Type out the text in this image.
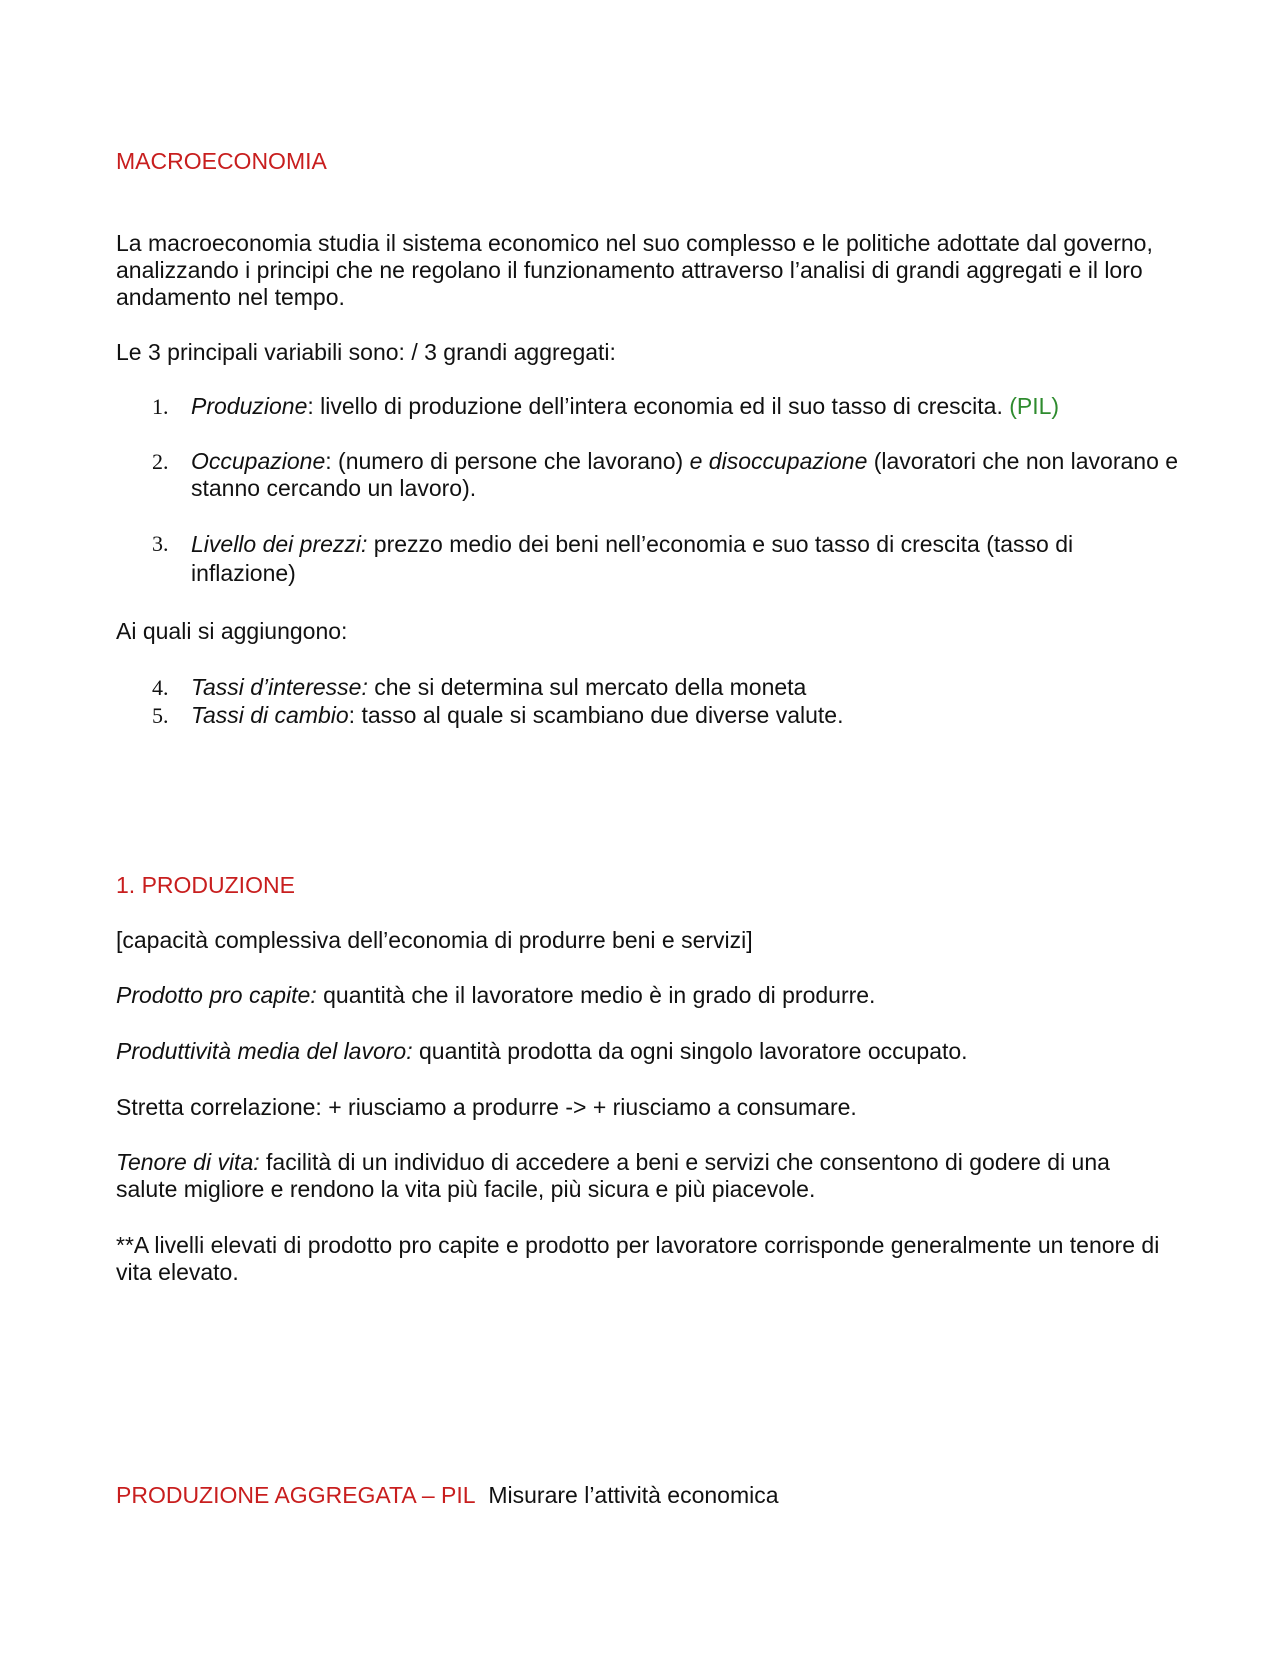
MACROECONOMIA
La macroeconomia studia il sistema economico nel suo complesso e le politiche adottate dal governo, analizzando i principi che ne regolano il funzionamento attraverso l’analisi di grandi aggregati e il loro andamento nel tempo.
Le 3 principali variabili sono: / 3 grandi aggregati:
1. Produzione: livello di produzione dell’intera economia ed il suo tasso di crescita. (PIL)
2. Occupazione: (numero di persone che lavorano) e disoccupazione (lavoratori che non lavorano e stanno cercando un lavoro).
3. Livello dei prezzi: prezzo medio dei beni nell’economia e suo tasso di crescita (tasso di inflazione)
Ai quali si aggiungono:
4. Tassi d’interesse: che si determina sul mercato della moneta
5. Tassi di cambio: tasso al quale si scambiano due diverse valute.
1. PRODUZIONE
[capacità complessiva dell’economia di produrre beni e servizi]
Prodotto pro capite: quantità che il lavoratore medio è in grado di produrre.
Produttività media del lavoro: quantità prodotta da ogni singolo lavoratore occupato.
Stretta correlazione: + riusciamo a produrre -> + riusciamo a consumare.
Tenore di vita: facilità di un individuo di accedere a beni e servizi che consentono di godere di una salute migliore e rendono la vita più facile, più sicura e più piacevole.
**A livelli elevati di prodotto pro capite e prodotto per lavoratore corrisponde generalmente un tenore di vita elevato.
PRODUZIONE AGGREGATA – PIL Misurare l’attività economica
